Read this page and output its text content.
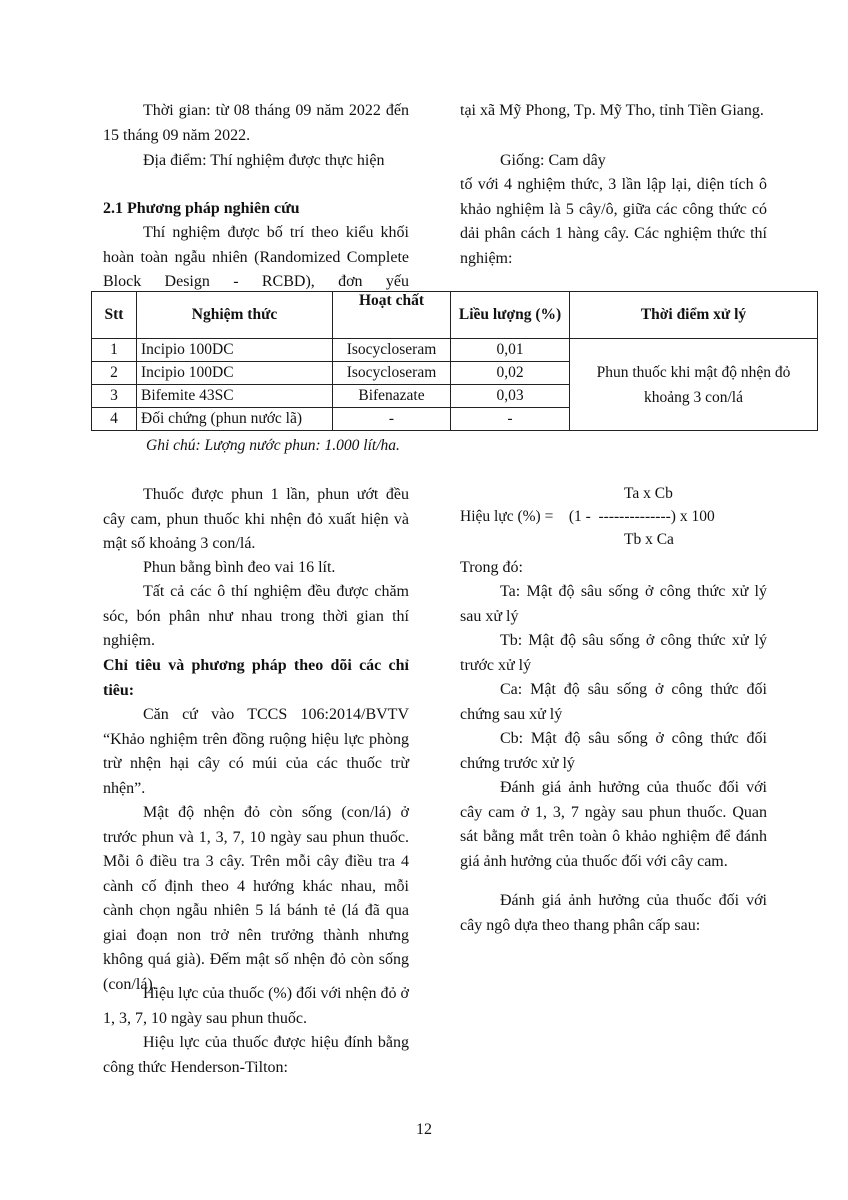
Thời gian: từ 08 tháng 09 năm 2022 đến 15 tháng 09 năm 2022.

Địa điểm: Thí nghiệm được thực hiện

2.1 Phương pháp nghiên cứu

Thí nghiệm được bố trí theo kiểu khối hoàn toàn ngẫu nhiên (Randomized Complete Block Design - RCBD), đơn yếu

tại xã Mỹ Phong, Tp. Mỹ Tho, tỉnh Tiền Giang.

Giống: Cam dây

tố với 4 nghiệm thức, 3 lần lập lại, diện tích ô khảo nghiệm là 5 cây/ô, giữa các công thức có dải phân cách 1 hàng cây. Các nghiệm thức thí nghiệm:

Stt	Nghiệm thức	Hoạt chất	Liều lượng (%)	Thời điểm xử lý
1	Incipio 100DC	Isocycloseram	0,01	Phun thuốc khi mật độ nhện đỏ khoảng 3 con/lá
2	Incipio 100DC	Isocycloseram	0,02	
3	Bifemite 43SC	Bifenazate	0,03	
4	Đối chứng (phun nước lã)	-	-	
Ghi chú: Lượng nước phun: 1.000 lít/ha.

Thuốc được phun 1 lần, phun ướt đều cây cam, phun thuốc khi nhện đỏ xuất hiện và mật số khoảng 3 con/lá.

Phun bằng bình đeo vai 16 lít.

Tất cả các ô thí nghiệm đều được chăm sóc, bón phân như nhau trong thời gian thí nghiệm.

Chỉ tiêu và phương pháp theo dõi các chỉ tiêu:

Căn cứ vào TCCS 106:2014/BVTV “Khảo nghiệm trên đồng ruộng hiệu lực phòng trừ nhện hại cây có múi của các thuốc trừ nhện”.

Mật độ nhện đỏ còn sống (con/lá) ở trước phun và 1, 3, 7, 10 ngày sau phun thuốc. Mỗi ô điều tra 3 cây. Trên mỗi cây điều tra 4 cành cố định theo 4 hướng khác nhau, mỗi cành chọn ngẫu nhiên 5 lá bánh tẻ (lá đã qua giai đoạn non trở nên trưởng thành nhưng không quá già). Đếm mật số nhện đỏ còn sống (con/lá).

Hiệu lực của thuốc (%) đối với nhện đỏ ở 1, 3, 7, 10 ngày sau phun thuốc.

Hiệu lực của thuốc được hiệu đính bằng công thức Henderson-Tilton:

Ta x Cb
Hiệu lực (%) =    (1 -  --------------) x 100
Tb x Ca

Trong đó:

Ta: Mật độ sâu sống ở công thức xử lý sau xử lý

Tb: Mật độ sâu sống ở công thức xử lý trước xử lý

Ca: Mật độ sâu sống ở công thức đối chứng sau xử lý

Cb: Mật độ sâu sống ở công thức đối chứng trước xử lý

Đánh giá ảnh hưởng của thuốc đối với cây cam ở 1, 3, 7 ngày sau phun thuốc. Quan sát bằng mắt trên toàn ô khảo nghiệm để đánh giá ảnh hưởng của thuốc đối với cây cam.

Đánh giá ảnh hưởng của thuốc đối với cây ngô dựa theo thang phân cấp sau:

12
